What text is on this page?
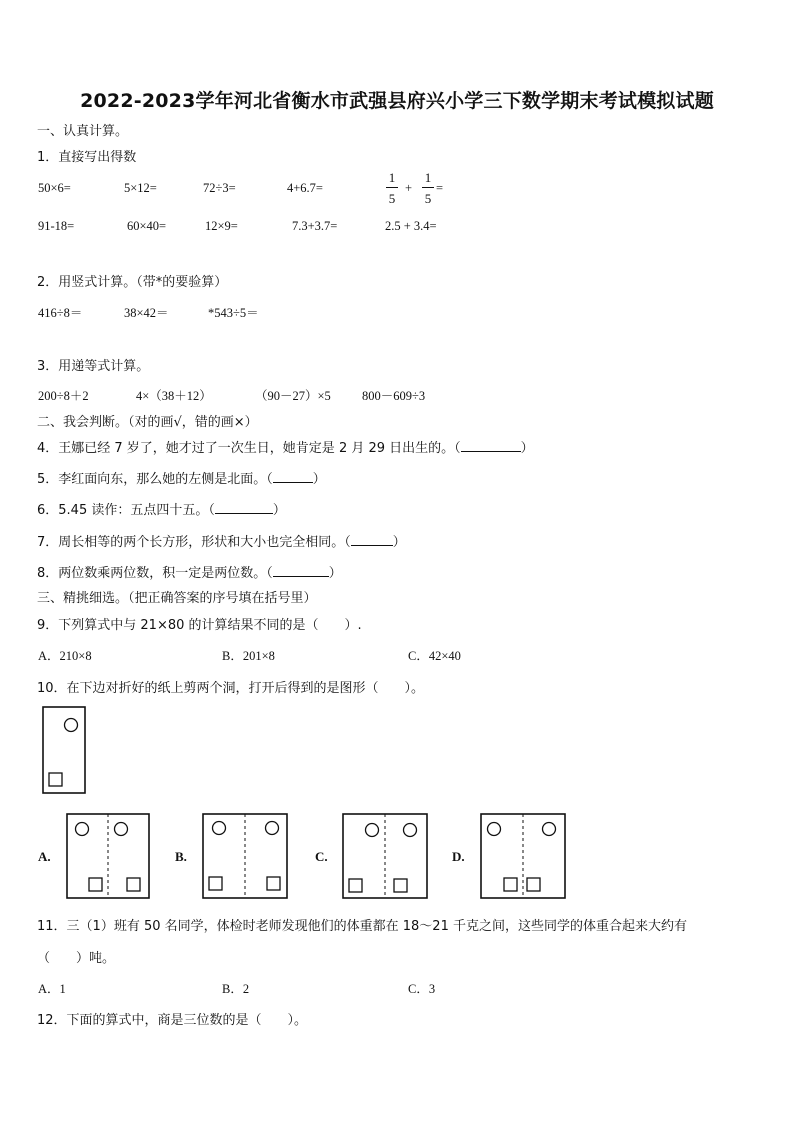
2022-2023学年河北省衡水市武强县府兴小学三下数学期末考试模拟试题
一、认真计算。
1．直接写出得数
50×6=	5×12=	72÷3=	4+6.7=
1
5
+
1
5
=
91-18=	60×40=	12×9=	7.3+3.7=	2.5 + 3.4=
2．用竖式计算。（带*的要验算）
416÷8＝	38×42＝	*543÷5＝
3．用递等式计算。
200÷8＋2	4×（38＋12）	（90－27）×5 800－609÷3
二、我会判断。（对的画√，错的画×）
4．王娜已经 7 岁了，她才过了一次生日，她肯定是 2 月 29 日出生的。（	）
5．李红面向东，那么她的左侧是北面。（	）
6．5.45 读作：五点四十五。（	）
7．周长相等的两个长方形，形状和大小也完全相同。（	）
8．两位数乘两位数，积一定是两位数。（	）
三、精挑细选。（把正确答案的序号填在括号里）
9．下列算式中与 21×80 的计算结果不同的是（　　）.
A．210×8	B．201×8	C．42×40
10．在下边对折好的纸上剪两个洞，打开后得到的是图形（　　）。
A.	B.	C.	D.
11．三（1）班有 50 名同学，体检时老师发现他们的体重都在 18～21 千克之间，这些同学的体重合起来大约有
（　　）吨。
A．1	B．2	C．3
12．下面的算式中，商是三位数的是（　　）。
